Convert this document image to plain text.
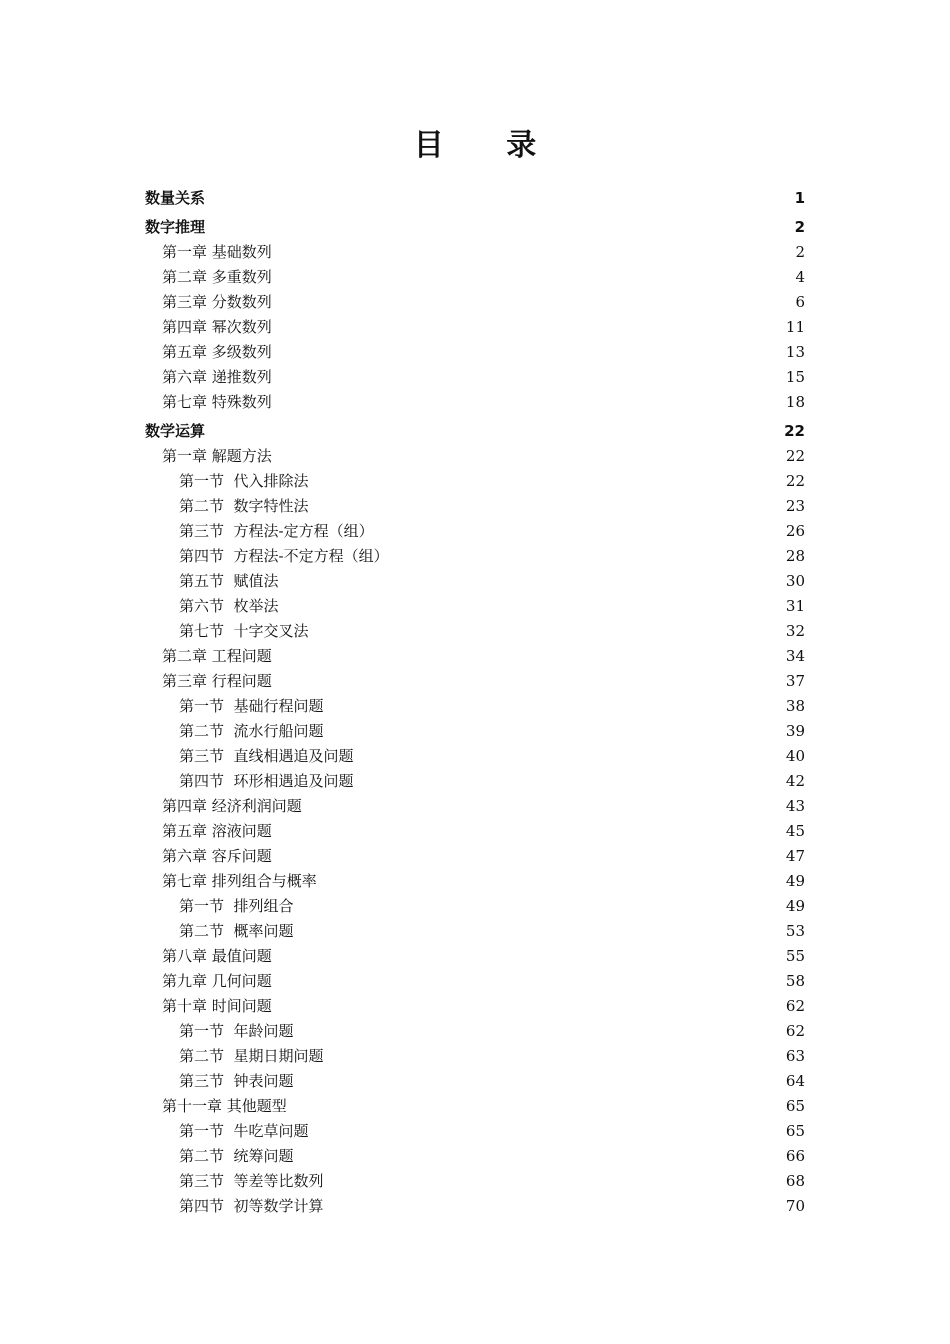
目 录
数量关系	1
数字推理	2
第一章 基础数列	2
第二章 多重数列	4
第三章 分数数列	6
第四章 幂次数列	11
第五章 多级数列	13
第六章 递推数列	15
第七章 特殊数列	18
数学运算	22
第一章 解题方法	22
第一节  代入排除法	22
第二节  数字特性法	23
第三节  方程法-定方程（组）	26
第四节  方程法-不定方程（组）	28
第五节  赋值法	30
第六节  枚举法	31
第七节  十字交叉法	32
第二章 工程问题	34
第三章 行程问题	37
第一节  基础行程问题	38
第二节  流水行船问题	39
第三节  直线相遇追及问题	40
第四节  环形相遇追及问题	42
第四章 经济利润问题	43
第五章 溶液问题	45
第六章 容斥问题	47
第七章 排列组合与概率	49
第一节  排列组合	49
第二节  概率问题	53
第八章 最值问题	55
第九章 几何问题	58
第十章 时间问题	62
第一节  年龄问题	62
第二节  星期日期问题	63
第三节  钟表问题	64
第十一章 其他题型	65
第一节  牛吃草问题	65
第二节  统筹问题	66
第三节  等差等比数列	68
第四节  初等数学计算	70
